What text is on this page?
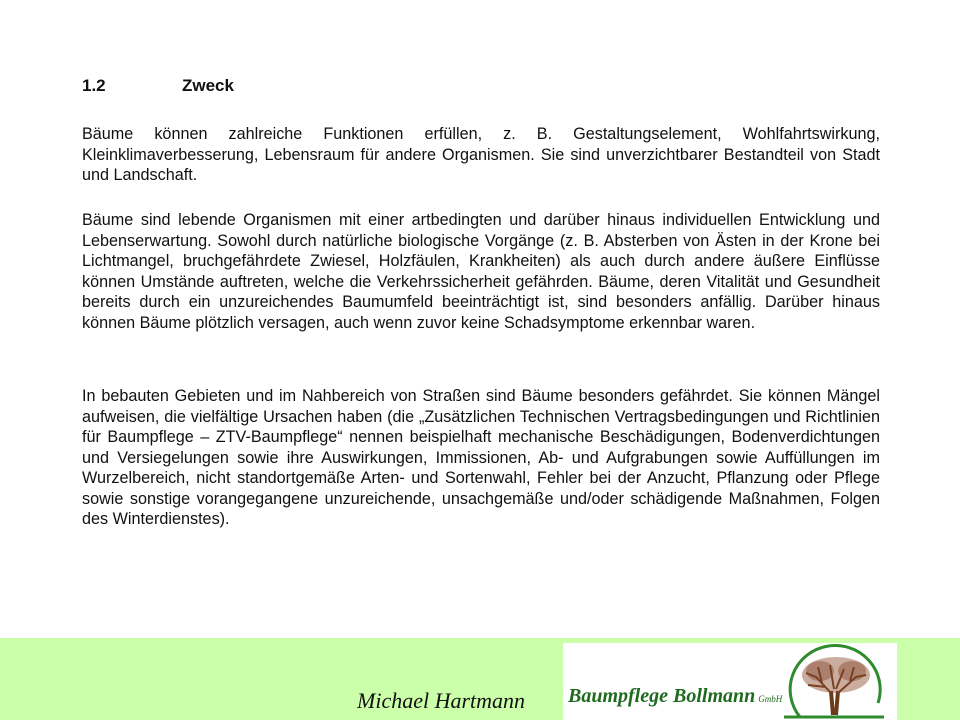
1.2	Zweck
Bäume können zahlreiche Funktionen erfüllen, z. B. Gestaltungselement, Wohlfahrtswirkung, Kleinklimaverbesserung, Lebensraum für andere Organismen. Sie sind unverzichtbarer Bestandteil von Stadt und Landschaft.
Bäume sind lebende Organismen mit einer artbedingten und darüber hinaus individuellen Entwicklung und Lebenserwartung. Sowohl durch natürliche biologische Vorgänge (z. B. Absterben von Ästen in der Krone bei Lichtmangel, bruchgefährdete Zwiesel, Holzfäulen, Krankheiten) als auch durch andere äußere Einflüsse können Umstände auftreten, welche die Verkehrssicherheit gefährden. Bäume, deren Vitalität und Gesundheit bereits durch ein unzureichendes Baumumfeld beeinträchtigt ist, sind besonders anfällig. Darüber hinaus können Bäume plötzlich versagen, auch wenn zuvor keine Schadsymptome erkennbar waren.
In bebauten Gebieten und im Nahbereich von Straßen sind Bäume besonders gefährdet. Sie können Mängel aufweisen, die vielfältige Ursachen haben (die „Zusätzlichen Technischen Vertragsbedingungen und Richtlinien für Baumpflege – ZTV-Baumpflege“ nennen beispielhaft mechanische Beschädigungen, Bodenverdichtungen und Versiegelungen sowie ihre Auswirkungen, Immissionen, Ab- und Aufgrabungen sowie Auffüllungen im Wurzelbereich, nicht standortgemäße Arten- und Sortenwahl, Fehler bei der Anzucht, Pflanzung oder Pflege sowie sonstige vorangegangene unzureichende, unsachgemäße und/oder schädigende Maßnahmen, Folgen des Winterdienstes).
Michael Hartmann Baumpflege Bollmann GmbH
